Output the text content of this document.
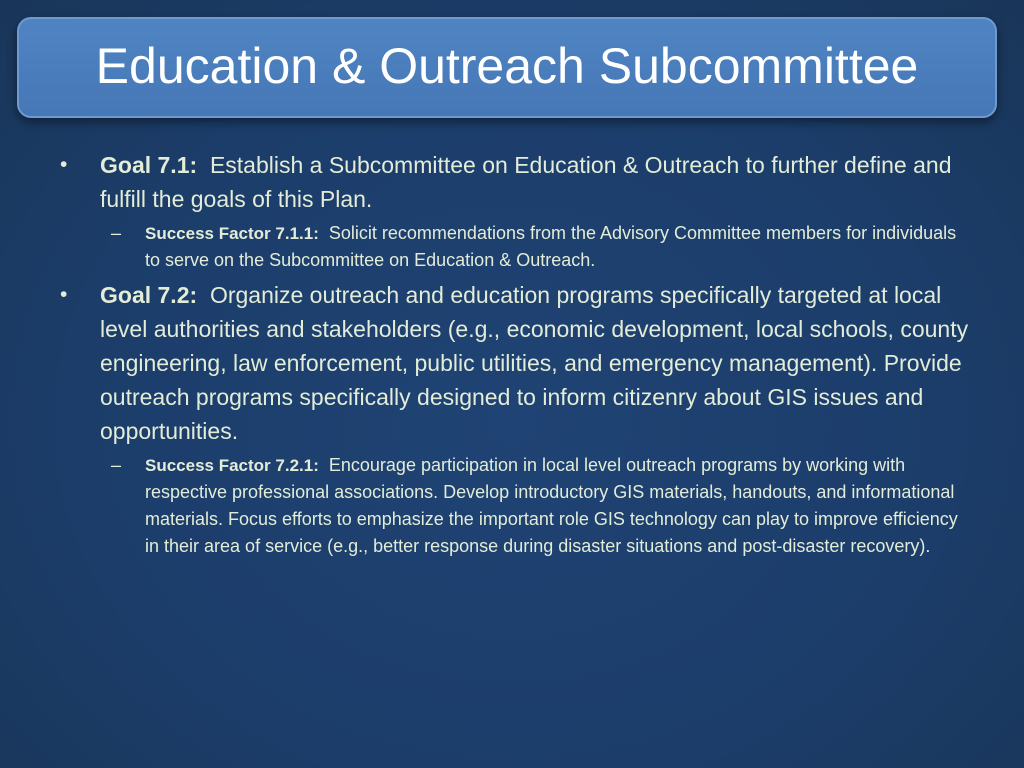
Education & Outreach Subcommittee
• Goal 7.1: Establish a Subcommittee on Education & Outreach to further define and fulfill the goals of this Plan.
– Success Factor 7.1.1: Solicit recommendations from the Advisory Committee members for individuals to serve on the Subcommittee on Education & Outreach.
• Goal 7.2: Organize outreach and education programs specifically targeted at local level authorities and stakeholders (e.g., economic development, local schools, county engineering, law enforcement, public utilities, and emergency management). Provide outreach programs specifically designed to inform citizenry about GIS issues and opportunities.
– Success Factor 7.2.1: Encourage participation in local level outreach programs by working with respective professional associations. Develop introductory GIS materials, handouts, and informational materials. Focus efforts to emphasize the important role GIS technology can play to improve efficiency in their area of service (e.g., better response during disaster situations and post-disaster recovery).
